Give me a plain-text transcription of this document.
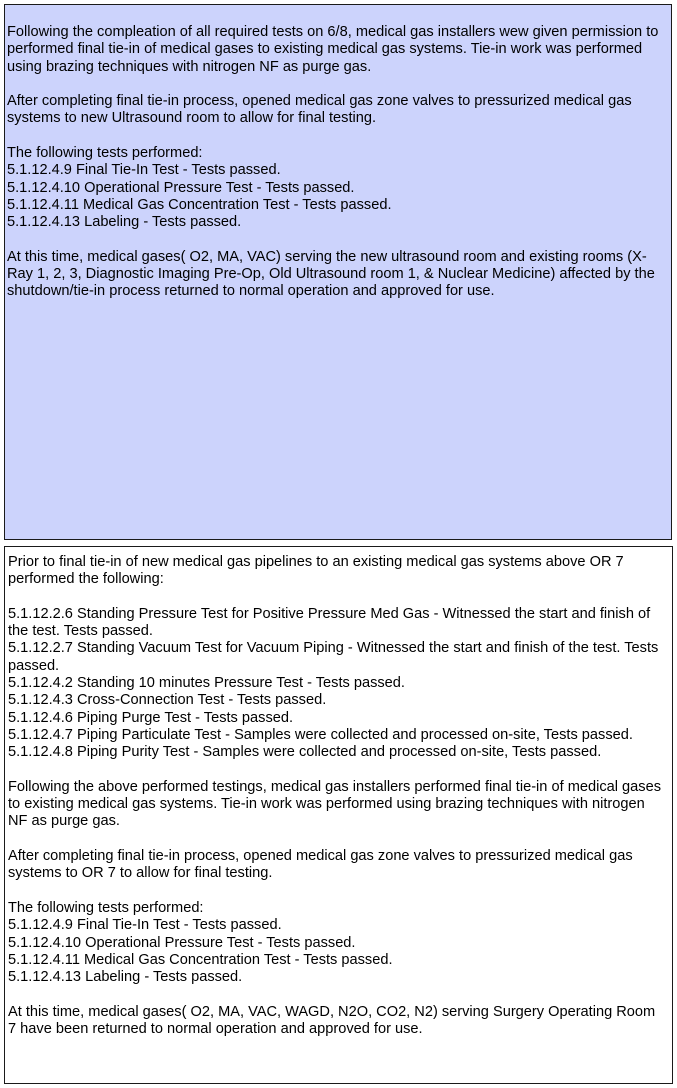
Following the compleation of all required tests on 6/8, medical gas installers wew given permission to performed final tie-in of medical gases to existing medical gas systems. Tie-in work was performed using brazing techniques with nitrogen NF as purge gas.

After completing final tie-in process, opened medical gas zone valves to pressurized medical gas systems to new Ultrasound room to allow for final testing.

The following tests performed:
5.1.12.4.9 Final Tie-In Test - Tests passed.
5.1.12.4.10 Operational Pressure Test - Tests passed.
5.1.12.4.11 Medical Gas Concentration Test - Tests passed.
5.1.12.4.13 Labeling - Tests passed.

At this time, medical gases( O2, MA, VAC) serving the new ultrasound room and existing rooms (X-Ray 1, 2, 3, Diagnostic Imaging Pre-Op, Old Ultrasound room 1, & Nuclear Medicine) affected by the shutdown/tie-in process returned to normal operation and approved for use.

Prior to final tie-in of new medical gas pipelines to an existing medical gas systems above OR 7 performed the following:

5.1.12.2.6 Standing Pressure Test for Positive Pressure Med Gas - Witnessed the start and finish of the test. Tests passed.
5.1.12.2.7 Standing Vacuum Test for Vacuum Piping - Witnessed the start and finish of the test. Tests passed.
5.1.12.4.2 Standing 10 minutes Pressure Test - Tests passed.
5.1.12.4.3 Cross-Connection Test - Tests passed.
5.1.12.4.6 Piping Purge Test - Tests passed.
5.1.12.4.7 Piping Particulate Test - Samples were collected and processed on-site, Tests passed.
5.1.12.4.8 Piping Purity Test - Samples were collected and processed on-site, Tests passed.

Following the above performed testings, medical gas installers performed final tie-in of medical gases to existing medical gas systems. Tie-in work was performed using brazing techniques with nitrogen NF as purge gas.

After completing final tie-in process, opened medical gas zone valves to pressurized medical gas systems to OR 7 to allow for final testing.

The following tests performed:
5.1.12.4.9 Final Tie-In Test - Tests passed.
5.1.12.4.10 Operational Pressure Test - Tests passed.
5.1.12.4.11 Medical Gas Concentration Test - Tests passed.
5.1.12.4.13 Labeling - Tests passed.

At this time, medical gases( O2, MA, VAC, WAGD, N2O, CO2, N2) serving Surgery Operating Room 7 have been returned to normal operation and approved for use.
